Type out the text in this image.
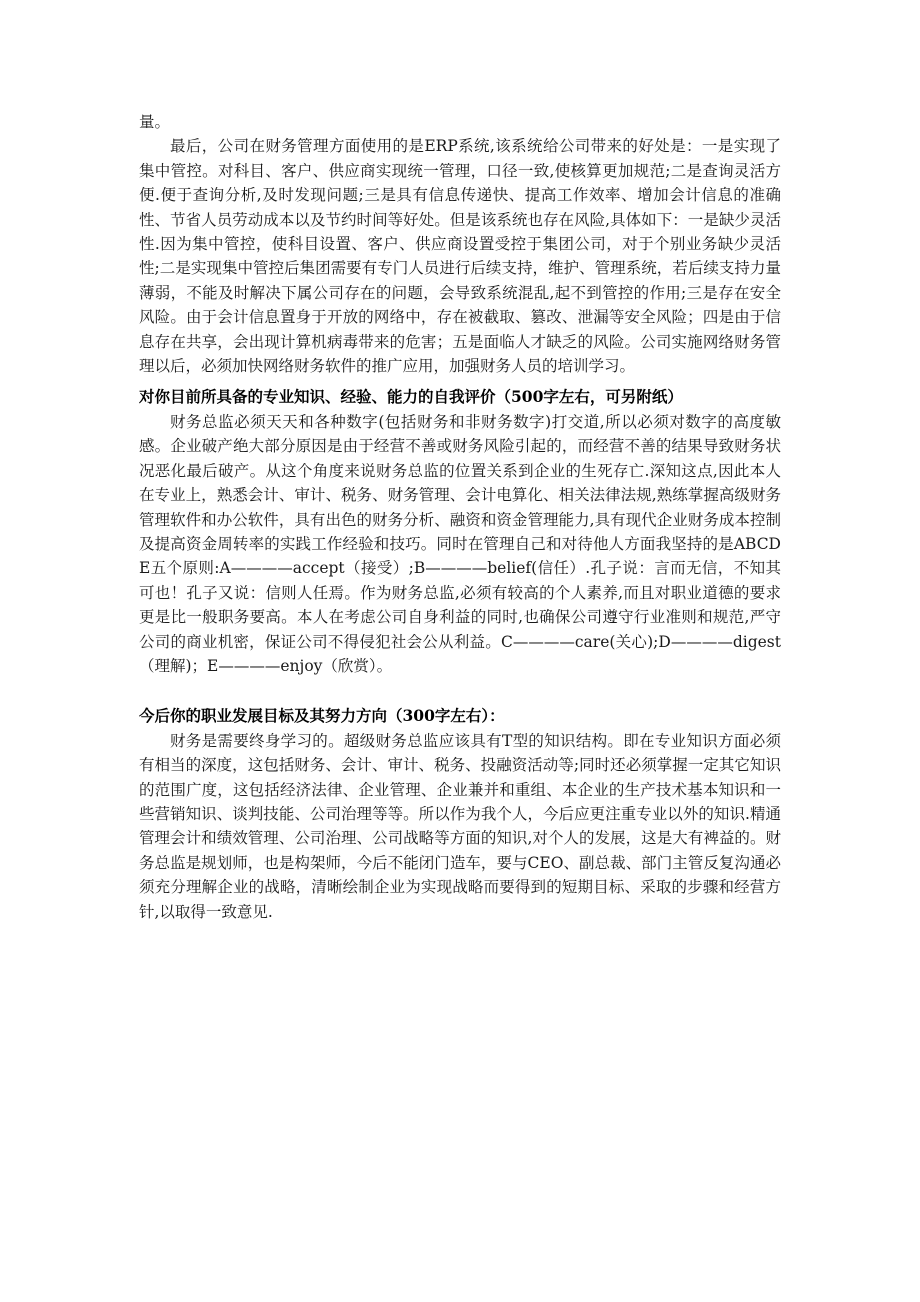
量。

最后，公司在财务管理方面使用的是ERP系统,该系统给公司带来的好处是：一是实现了集中管控。对科目、客户、供应商实现统一管理，口径一致,使核算更加规范;二是查询灵活方便.便于查询分析,及时发现问题;三是具有信息传递快、提高工作效率、增加会计信息的准确性、节省人员劳动成本以及节约时间等好处。但是该系统也存在风险,具体如下：一是缺少灵活性.因为集中管控，使科目设置、客户、供应商设置受控于集团公司，对于个别业务缺少灵活性;二是实现集中管控后集团需要有专门人员进行后续支持，维护、管理系统，若后续支持力量薄弱，不能及时解决下属公司存在的问题，会导致系统混乱,起不到管控的作用;三是存在安全风险。由于会计信息置身于开放的网络中，存在被截取、篡改、泄漏等安全风险；四是由于信息存在共享，会出现计算机病毒带来的危害；五是面临人才缺乏的风险。公司实施网络财务管理以后，必须加快网络财务软件的推广应用，加强财务人员的培训学习。

对你目前所具备的专业知识、经验、能力的自我评价（500字左右，可另附纸）

财务总监必须天天和各种数字(包括财务和非财务数字)打交道,所以必须对数字的高度敏感。企业破产绝大部分原因是由于经营不善或财务风险引起的，而经营不善的结果导致财务状况恶化最后破产。从这个角度来说财务总监的位置关系到企业的生死存亡.深知这点,因此本人在专业上，熟悉会计、审计、税务、财务管理、会计电算化、相关法律法规,熟练掌握高级财务管理软件和办公软件，具有出色的财务分析、融资和资金管理能力,具有现代企业财务成本控制及提高资金周转率的实践工作经验和技巧。同时在管理自己和对待他人方面我坚持的是ABCDE五个原则:A————accept（接受）;B————belief(信任）.孔子说：言而无信，不知其可也！孔子又说：信则人任焉。作为财务总监,必须有较高的个人素养,而且对职业道德的要求更是比一般职务要高。本人在考虑公司自身利益的同时,也确保公司遵守行业准则和规范,严守公司的商业机密，保证公司不得侵犯社会公从利益。C————care(关心);D————digest（理解)；E————enjoy（欣赏）。

今后你的职业发展目标及其努力方向（300字左右）：

财务是需要终身学习的。超级财务总监应该具有T型的知识结构。即在专业知识方面必须有相当的深度，这包括财务、会计、审计、税务、投融资活动等;同时还必须掌握一定其它知识的范围广度，这包括经济法律、企业管理、企业兼并和重组、本企业的生产技术基本知识和一些营销知识、谈判技能、公司治理等等。所以作为我个人，今后应更注重专业以外的知识.精通管理会计和绩效管理、公司治理、公司战略等方面的知识,对个人的发展，这是大有裨益的。财务总监是规划师，也是构架师，今后不能闭门造车，要与CEO、副总裁、部门主管反复沟通必须充分理解企业的战略，清晰绘制企业为实现战略而要得到的短期目标、采取的步骤和经营方针,以取得一致意见.
